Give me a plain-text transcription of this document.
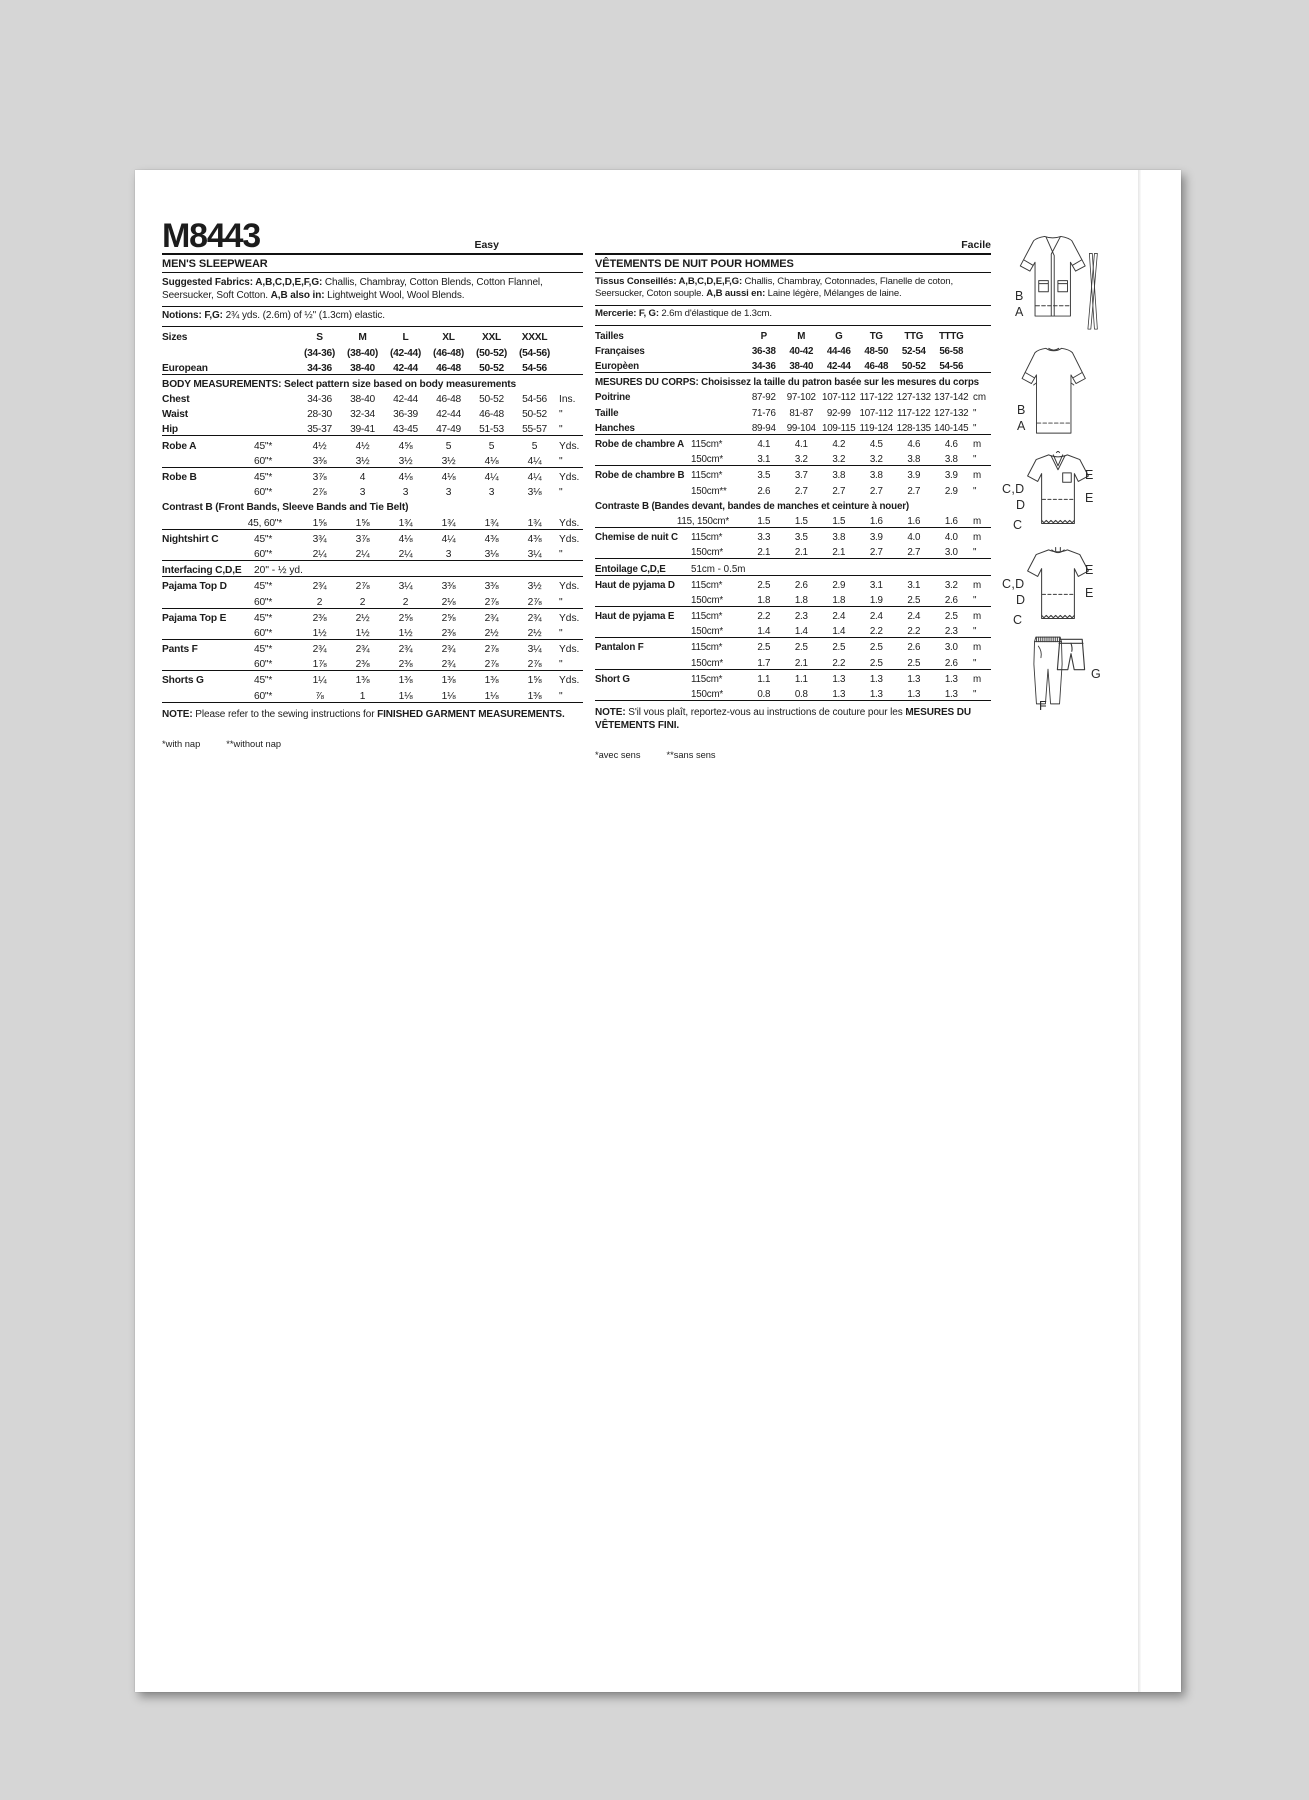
M8443	Easy
MEN'S SLEEPWEAR
Suggested Fabrics: A,B,C,D,E,F,G: Challis, Chambray, Cotton Blends, Cotton Flannel, Seersucker, Soft Cotton. A,B also in: Lightweight Wool, Wool Blends.
Notions: F,G: 2¾ yds. (2.6m) of ½" (1.3cm) elastic.
Sizes	S	M	L	XL	XXL	XXXL
(34-36)	(38-40)	(42-44)	(46-48)	(50-52)	(54-56)
European	34-36	38-40	42-44	46-48	50-52	54-56
BODY MEASUREMENTS: Select pattern size based on body measurements
Chest	34-36	38-40	42-44	46-48	50-52	54-56	Ins.
Waist	28-30	32-34	36-39	42-44	46-48	50-52	"
Hip	35-37	39-41	43-45	47-49	51-53	55-57	"
Robe A	45"*	4½	4½	4⅝	5	5	5	Yds.
60"*	3⅜	3½	3½	3½	4⅛	4¼	"
Robe B	45"*	3⅞	4	4⅛	4⅛	4¼	4¼	Yds.
60"*	2⅞	3	3	3	3	3⅛	"
Contrast B (Front Bands, Sleeve Bands and Tie Belt)
45, 60"*	1⅝	1⅝	1¾	1¾	1¾	1¾	Yds.
Nightshirt C	45"*	3¾	3⅞	4⅛	4¼	4⅜	4⅜	Yds.
60"*	2¼	2¼	2¼	3	3⅛	3¼	"
Interfacing C,D,E	20" - ½ yd.
Pajama Top D	45"*	2¾	2⅞	3¼	3⅜	3⅜	3½	Yds.
60"*	2	2	2	2⅛	2⅞	2⅞	"
Pajama Top E	45"*	2⅜	2½	2⅝	2⅝	2¾	2¾	Yds.
60"*	1½	1½	1½	2⅜	2½	2½	"
Pants F	45"*	2¾	2¾	2¾	2¾	2⅞	3¼	Yds.
60"*	1⅞	2⅜	2⅜	2¾	2⅞	2⅞	"
Shorts G	45"*	1¼	1⅜	1⅜	1⅜	1⅜	1⅝	Yds.
60"*	⅞	1	1⅛	1⅛	1⅛	1⅜	"
NOTE: Please refer to the sewing instructions for FINISHED GARMENT MEASUREMENTS.
*with nap	**without nap
Facile
VÊTEMENTS DE NUIT POUR HOMMES
Tissus Conseillés: A,B,C,D,E,F,G: Challis, Chambray, Cotonnades, Flanelle de coton, Seersucker, Coton souple. A,B aussi en: Laine légère, Mélanges de laine.
Mercerie: F, G: 2.6m d'élastique de 1.3cm.
Tailles	P	M	G	TG	TTG	TTTG
Françaises	36-38	40-42	44-46	48-50	52-54	56-58
Europèen	34-36	38-40	42-44	46-48	50-52	54-56
MESURES DU CORPS: Choisissez la taille du patron basée sur les mesures du corps
Poitrine	87-92	97-102 107-112 117-122 127-132 137-142 cm
Taille	71-76	81-87	92-99 107-112 117-122 127-132 "
Hanches	89-94	99-104 109-115 119-124 128-135 140-145 "
Robe de chambre A 115cm*	4.1	4.1	4.2	4.5	4.6	4.6	m
150cm*	3.1	3.2	3.2	3.2	3.8	3.8	"
Robe de chambre B 115cm*	3.5	3.7	3.8	3.8	3.9	3.9	m
150cm**	2.6	2.7	2.7	2.7	2.7	2.9	"
Contraste B (Bandes devant, bandes de manches et ceinture à nouer)
115, 150cm*	1.5	1.5	1.5	1.6	1.6	1.6	m
Chemise de nuit C	115cm*	3.3	3.5	3.8	3.9	4.0	4.0	m
150cm*	2.1	2.1	2.1	2.7	2.7	3.0	"
Entoilage C,D,E	51cm - 0.5m
Haut de pyjama D	115cm*	2.5	2.6	2.9	3.1	3.1	3.2	m
150cm*	1.8	1.8	1.8	1.9	2.5	2.6	"
Haut de pyjama E	115cm*	2.2	2.3	2.4	2.4	2.4	2.5	m
150cm*	1.4	1.4	1.4	2.2	2.2	2.3	"
Pantalon F	115cm*	2.5	2.5	2.5	2.5	2.6	3.0	m
150cm*	1.7	2.1	2.2	2.5	2.5	2.6	"
Short G	115cm*	1.1	1.1	1.3	1.3	1.3	1.3	m
150cm*	0.8	0.8	1.3	1.3	1.3	1.3	"
NOTE: S'il vous plaît, reportez-vous au instructions de couture pour les MESURES DU VÊTEMENTS FINI.
*avec sens	**sans sens
B
A
B
A
E
C,D
E
D
C
E
C,D
E
D
C
G
F
